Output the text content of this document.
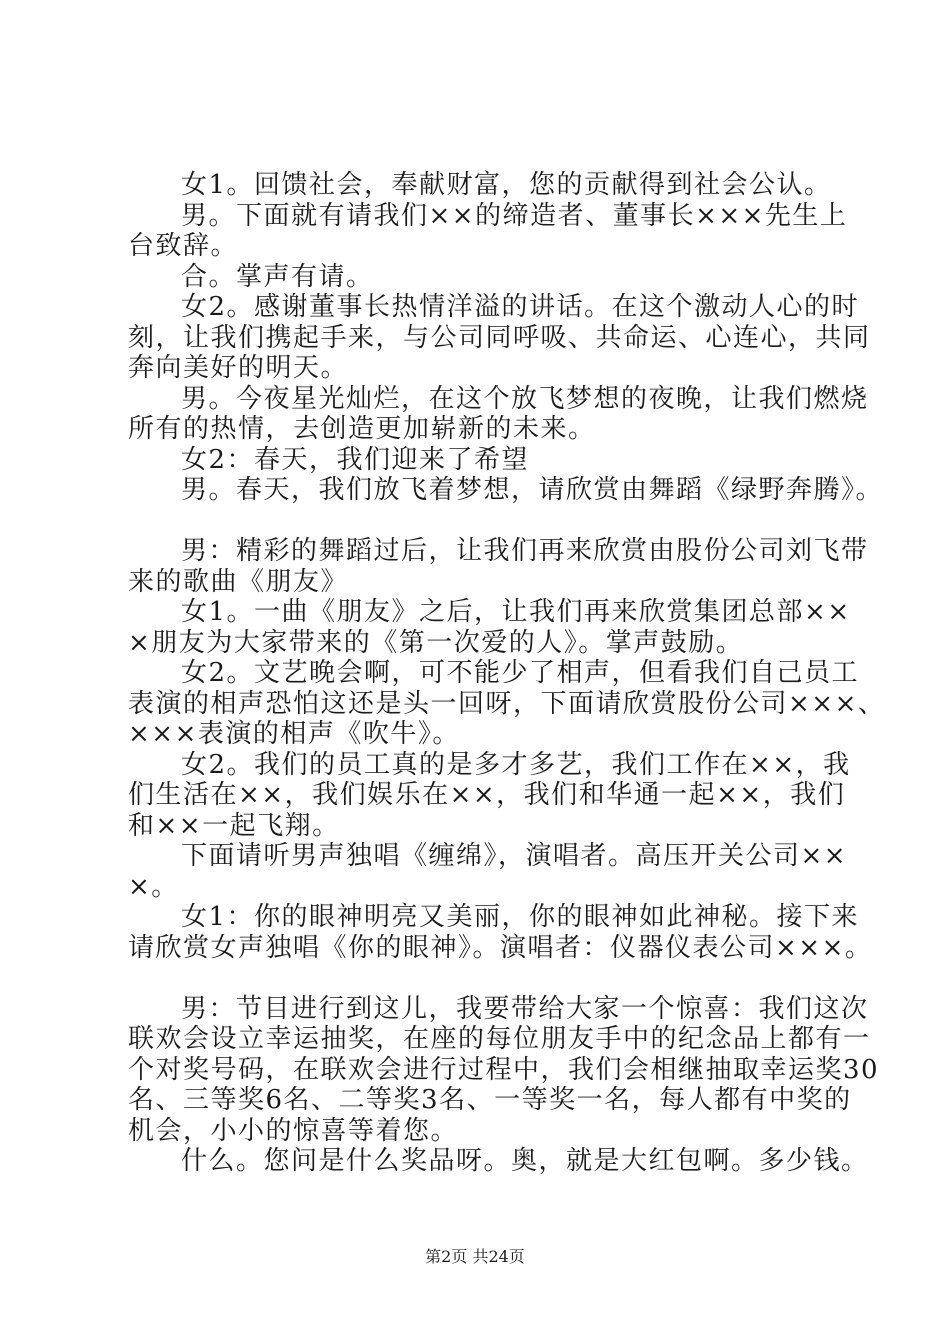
女1。回馈社会，奉献财富，您的贡献得到社会公认。

男。下面就有请我们××的缔造者、董事长×××先生上
台致辞。

合。掌声有请。

女2。感谢董事长热情洋溢的讲话。在这个激动人心的时
刻，让我们携起手来，与公司同呼吸、共命运、心连心，共同
奔向美好的明天。

男。今夜星光灿烂，在这个放飞梦想的夜晚，让我们燃烧
所有的热情，去创造更加崭新的未来。

女2：春天，我们迎来了希望

男。春天，我们放飞着梦想，请欣赏由舞蹈《绿野奔腾》。

男：精彩的舞蹈过后，让我们再来欣赏由股份公司刘飞带
来的歌曲《朋友》

女1。一曲《朋友》之后，让我们再来欣赏集团总部××
×朋友为大家带来的《第一次爱的人》。掌声鼓励。

女2。文艺晚会啊，可不能少了相声，但看我们自己员工
表演的相声恐怕这还是头一回呀，下面请欣赏股份公司×××、
×××表演的相声《吹牛》。

女2。我们的员工真的是多才多艺，我们工作在××，我
们生活在××，我们娱乐在××，我们和华通一起××，我们
和××一起飞翔。

下面请听男声独唱《缠绵》，演唱者。高压开关公司××
×。

女1：你的眼神明亮又美丽，你的眼神如此神秘。接下来
请欣赏女声独唱《你的眼神》。演唱者：仪器仪表公司×××。

男：节目进行到这儿，我要带给大家一个惊喜：我们这次
联欢会设立幸运抽奖，在座的每位朋友手中的纪念品上都有一
个对奖号码，在联欢会进行过程中，我们会相继抽取幸运奖30
名、三等奖6名、二等奖3名、一等奖一名，每人都有中奖的
机会，小小的惊喜等着您。

什么。您问是什么奖品呀。奥，就是大红包啊。多少钱。

第2页 共24页
